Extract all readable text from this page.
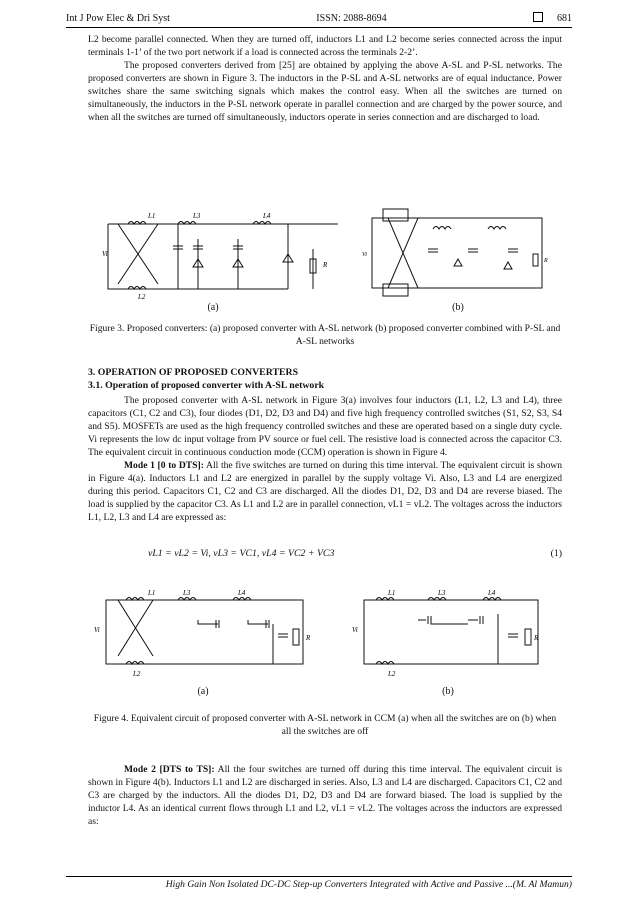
Int J Pow Elec & Dri Syst	ISSN: 2088-8694	681

L2 become parallel connected. When they are turned off, inductors L1 and L2 become series connected across the input terminals 1-1’ of the two port network if a load is connected across the terminals 2-2’.

The proposed converters derived from [25] are obtained by applying the above A-SL and P-SL networks. The proposed converters are shown in Figure 3. The inductors in the P-SL and A-SL networks are of equal inductance. Power switches share the same switching signals which makes the control easy. When all the switches are turned on simultaneously, the inductors in the P-SL network operate in parallel connection and are charged by the power source, and when all the switches are turned off simultaneously, inductors operate in series connection and are discharged to load.

Vi
L1	L3	L4
L2
R
Vi
R
(a)	(b)
Figure 3. Proposed converters: (a) proposed converter with A-SL network (b) proposed converter combined with P-SL and A-SL networks
3. OPERATION OF PROPOSED CONVERTERS
3.1. Operation of proposed converter with A-SL network

The proposed converter with A-SL network in Figure 3(a) involves four inductors (L1, L2, L3 and L4), three capacitors (C1, C2 and C3), four diodes (D1, D2, D3 and D4) and five high frequency controlled switches (S1, S2, S3, S4 and S5). MOSFETs are used as the high frequency controlled switches and these are operated based on a single duty cycle. Vi represents the low dc input voltage from PV source or fuel cell. The resistive load is connected across the capacitor C3. The equivalent circuit in continuous conduction mode (CCM) operation is shown in Figure 4.

Mode 1 [0 to DTS]: All the five switches are turned on during this time interval. The equivalent circuit is shown in Figure 4(a). Inductors L1 and L2 are energized in parallel by the supply voltage Vi. Also, L3 and L4 are energized during this period. Capacitors C1, C2 and C3 are discharged. All the diodes D1, D2, D3 and D4 are reverse biased. The load is supplied by the capacitor C3. As L1 and L2 are in parallel connection, vL1 = vL2. The voltages across the inductors L1, L2, L3 and L4 are expressed as:

vL1 = vL2 = Vi, vL3 = VC1, vL4 = VC2 + VC3	(1)
Vi
L1	L3	L4
L2
R
Vi
L1	L3	L4
L2
R
(a)	(b)
Figure 4. Equivalent circuit of proposed converter with A-SL network in CCM (a) when all the switches are on (b) when all the switches are off

Mode 2 [DTS to TS]: All the four switches are turned off during this time interval. The equivalent circuit is shown in Figure 4(b). Inductors L1 and L2 are discharged in series. Also, L3 and L4 are discharged. Capacitors C1, C2 and C3 are charged by the inductors. All the diodes D1, D2, D3 and D4 are forward biased. The load is supplied by the inductor L4. As an identical current flows through L1 and L2, vL1 = vL2. The voltages across the inductors are expressed as:

High Gain Non Isolated DC-DC Step-up Converters Integrated with Active and Passive ...(M. Al Mamun)
